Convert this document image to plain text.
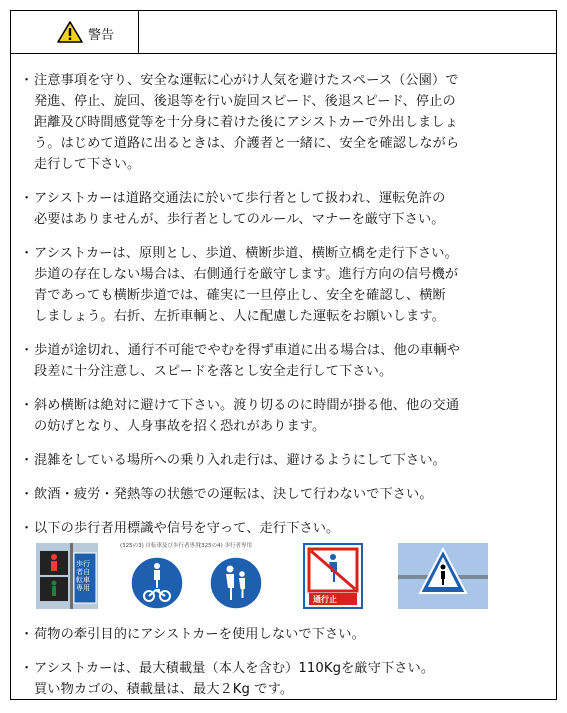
警告
・ 注意事項を守り、安全な運転に心がけ人気を避けたスペース（公園）で
発進、停止、旋回、後退等を行い旋回スピード、後退スピード、停止の
距離及び時間感覚等を十分身に着けた後にアシストカーで外出しましょ
う。はじめて道路に出るときは、介護者と一緒に、安全を確認しながら
走行して下さい。
・ アシストカーは道路交通法に於いて歩行者として扱われ、運転免許の
必要はありませんが、歩行者としてのルール、マナーを厳守下さい。
・ アシストカーは、原則とし、歩道、横断歩道、横断立橋を走行下さい。
歩道の存在しない場合は、右側通行を厳守します。進行方向の信号機が
青であっても横断歩道では、確実に一旦停止し、安全を確認し、横断
しましょう。右折、左折車輌と、人に配慮した運転をお願いします。
・ 歩道が途切れ、通行不可能でやむを得ず車道に出る場合は、他の車輌や
段差に十分注意し、スピードを落とし安全走行して下さい。
・ 斜め横断は絶対に避けて下さい。渡り切るのに時間が掛る他、他の交通
の妨げとなり、人身事故を招く恐れがあります。
・ 混雑をしている場所への乗り入れ走行は、避けるようにして下さい。
・ 飲酒・疲労・発熱等の状態での運転は、決して行わないで下さい。
・ 以下の歩行者用標識や信号を守って、走行下さい。
歩行者自転車専用
(325の3) 自転車及び歩行者専用
(325の4) 歩行者専用
通行止
・ 荷物の牽引目的にアシストカーを使用しないで下さい。
・ アシストカーは、最大積載量（本人を含む）110Kgを厳守下さい。
買い物カゴの、積載量は、最大２Kg です。
